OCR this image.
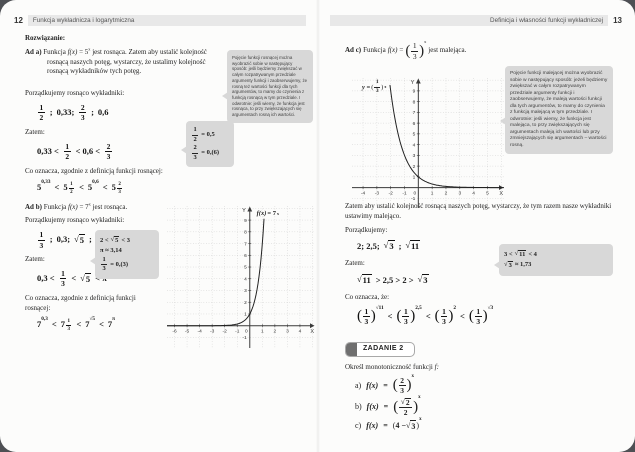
12	Funkcja wykładnicza i logarytmiczna	Definicja i własności funkcji wykładniczej	13

Rozwiązanie:

Ad a) Funkcja $f(x) = 5^x$ jest rosnąca. Zatem aby ustalić kolejność rosnącą naszych potęg, wystarczy, że ustalimy kolejność rosnącą wykładników tych potęg.

Porządkujemy rosnąco wykładniki:

1
2
; 0,33; 2
3
; 0,6

Zatem:

0,33 < 1
2
< 0,6 < 2
3

Co oznacza, zgodnie z definicją funkcji rosnącej:

5 $0,33 < 5 \frac{1}{2} < 5$ $0,6 < 5 \frac{2}{3}$

Ad b) Funkcja $f(x) = 7^x$ jest rosnąca.

Porządkujemy rosnąco wykładniki:

1
3
; 0,3; √ 5 ;

Zatem:

0,3 < 1
3
< √ 5

Co oznacza, zgodnie z definicją funkcji rosnącej:

7 $0,3 < 7 \frac{1}{3} < 7$ √5 < 7 π
Pojęcie funkcji rosnącej można wyobrazić sobie w następujący sposób: jeśli będziemy zwiększać w całym rozpatrywanym przedziale argumenty funkcji i zaobserwujemy, że rosną też wartości funkcji dla tych argumentów, to mamy do czynienia z funkcją rosnącą w tym przedziale. I odwrotnie: jeśli wiemy, że funkcja jest rosnąca, to przy zwiększających się argumentach rosną ich wartości.
$\frac{1}{2} = 0,5$
$\frac{2}{3} = 0,(6)$
2 < √ 5 < 3
π ≈ 3,14
$\frac{1}{3} = 0,(3)$
-6 -5 -4 -3 -2 -1 0	1 2 3 4
1
2
3
4
5
6
7
8
9
-1
X
Y f(x) = 7 x

Ad c) Funkcja f(x) =
( 1
3
)
x
jest malejąca.

Zatem aby ustalić kolejność rosnącą naszych potęg, wystarczy, że tym razem nasze wykładniki ustawimy malejąco.

Porządkujemy:

2; 2,5; √ 3 ; √ 11

Zatem:

√
11 > 2,5 > 2 > √ 3

Co oznacza, że:

( 1
3
)
√11
< ( 1
3
)
2,5
< ( 1
3
)
2
< ( 1
3
)
√3
ZADANIE 2

Określ monotoniczność funkcji f:

a) f(x) =
( 2
3
)
x
b) f(x) =
√
( 2
2
)
x
c) f(x) = ( 4 − √ 3
)
x
Pojęcie funkcji malejącej można wyobrazić sobie w następujący sposób: jeżeli będziemy zwiększać w całym rozpatrywanym przedziale argumenty funkcji i zaobserwujemy, że maleją wartości funkcji dla tych argumentów, to mamy do czynienia z funkcją malejącą w tym przedziale. I odwrotnie: jeśli wiemy, że funkcja jest malejąca, to przy zwiększających się argumentach maleją ich wartości lub przy zmniejszających się argumentach – wartości rosną.
3 < √ 11 < 4
√
3 ≈ 1,73
-4 -3 -2 -1 0	1 2 3 4 5
1
2
3
4
5
6
7
8
9
-1
X
Y
y =
( 1
3
)
x
